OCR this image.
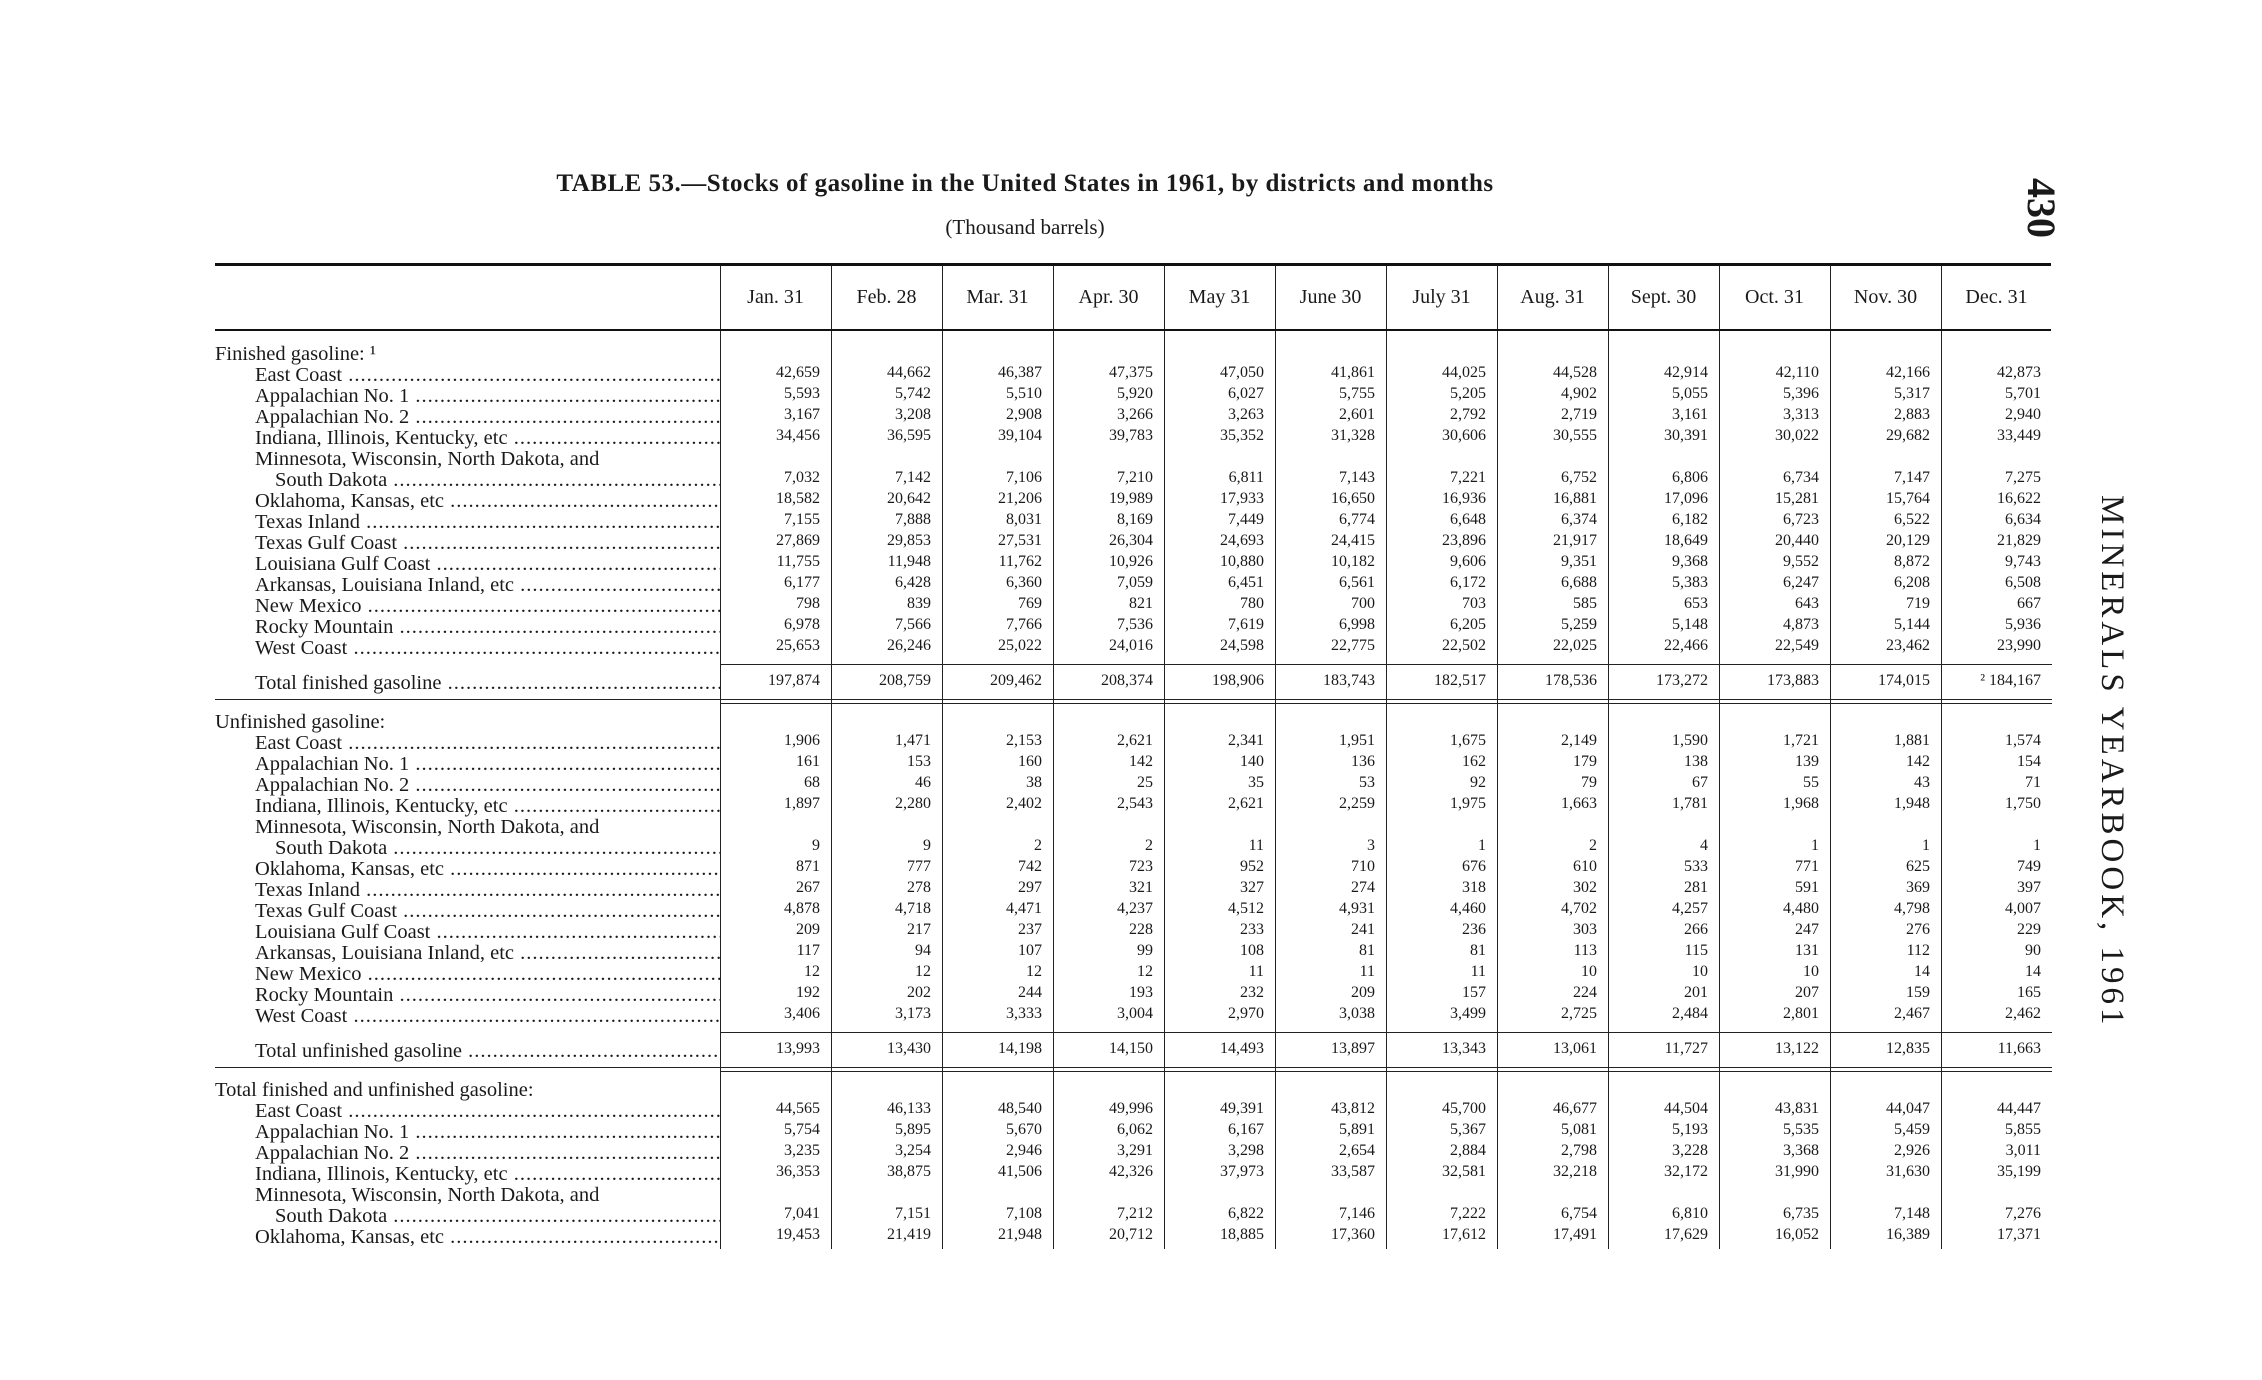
TABLE 53.—Stocks of gasoline in the United States in 1961, by districts and months
(Thousand barrels)	430
MINERALS YEARBOOK, 1961
Jan. 31	Feb. 28	Mar. 31	Apr. 30	May 31	June 30	July 31	Aug. 31	Sept. 30	Oct. 31	Nov. 30	Dec. 31
Finished gasoline: ¹
East Coast .....	42,659	44,662	46,387	47,375	47,050	41,861	44,025	44,528	42,914	42,110	42,166	42,873
Appalachian No. 1 .....	5,593	5,742	5,510	5,920	6,027	5,755	5,205	4,902	5,055	5,396	5,317	5,701
Appalachian No. 2 .....	3,167	3,208	2,908	3,266	3,263	2,601	2,792	2,719	3,161	3,313	2,883	2,940
Indiana, Illinois, Kentucky, etc .....	34,456	36,595	39,104	39,783	35,352	31,328	30,606	30,555	30,391	30,022	29,682	33,449
Minnesota, Wisconsin, North Dakota, and
South Dakota .....	7,032	7,142	7,106	7,210	6,811	7,143	7,221	6,752	6,806	6,734	7,147	7,275
Oklahoma, Kansas, etc .....	18,582	20,642	21,206	19,989	17,933	16,650	16,936	16,881	17,096	15,281	15,764	16,622
Texas Inland .....	7,155	7,888	8,031	8,169	7,449	6,774	6,648	6,374	6,182	6,723	6,522	6,634
Texas Gulf Coast .....	27,869	29,853	27,531	26,304	24,693	24,415	23,896	21,917	18,649	20,440	20,129	21,829
Louisiana Gulf Coast .....	11,755	11,948	11,762	10,926	10,880	10,182	9,606	9,351	9,368	9,552	8,872	9,743
Arkansas, Louisiana Inland, etc .....	6,177	6,428	6,360	7,059	6,451	6,561	6,172	6,688	5,383	6,247	6,208	6,508
New Mexico .....	798	839	769	821	780	700	703	585	653	643	719	667
Rocky Mountain .....	6,978	7,566	7,766	7,536	7,619	6,998	6,205	5,259	5,148	4,873	5,144	5,936
West Coast .....	25,653	26,246	25,022	24,016	24,598	22,775	22,502	22,025	22,466	22,549	23,462	23,990
Total finished gasoline .....	197,874	208,759	209,462	208,374	198,906	183,743	182,517	178,536	173,272	173,883	174,015	² 184,167
Unfinished gasoline:
East Coast .....	1,906	1,471	2,153	2,621	2,341	1,951	1,675	2,149	1,590	1,721	1,881	1,574
Appalachian No. 1 .....	161	153	160	142	140	136	162	179	138	139	142	154
Appalachian No. 2 .....	68	46	38	25	35	53	92	79	67	55	43	71
Indiana, Illinois, Kentucky, etc .....	1,897	2,280	2,402	2,543	2,621	2,259	1,975	1,663	1,781	1,968	1,948	1,750
Minnesota, Wisconsin, North Dakota, and
South Dakota .....	9	9	2	2	11	3	1	2	4	1	1	1
Oklahoma, Kansas, etc .....	871	777	742	723	952	710	676	610	533	771	625	749
Texas Inland .....	267	278	297	321	327	274	318	302	281	591	369	397
Texas Gulf Coast .....	4,878	4,718	4,471	4,237	4,512	4,931	4,460	4,702	4,257	4,480	4,798	4,007
Louisiana Gulf Coast .....	209	217	237	228	233	241	236	303	266	247	276	229
Arkansas, Louisiana Inland, etc .....	117	94	107	99	108	81	81	113	115	131	112	90
New Mexico .....	12	12	12	12	11	11	11	10	10	10	14	14
Rocky Mountain .....	192	202	244	193	232	209	157	224	201	207	159	165
West Coast .....	3,406	3,173	3,333	3,004	2,970	3,038	3,499	2,725	2,484	2,801	2,467	2,462
Total unfinished gasoline .....	13,993	13,430	14,198	14,150	14,493	13,897	13,343	13,061	11,727	13,122	12,835	11,663
Total finished and unfinished gasoline:
East Coast .....	44,565	46,133	48,540	49,996	49,391	43,812	45,700	46,677	44,504	43,831	44,047	44,447
Appalachian No. 1 .....	5,754	5,895	5,670	6,062	6,167	5,891	5,367	5,081	5,193	5,535	5,459	5,855
Appalachian No. 2 .....	3,235	3,254	2,946	3,291	3,298	2,654	2,884	2,798	3,228	3,368	2,926	3,011
Indiana, Illinois, Kentucky, etc .....	36,353	38,875	41,506	42,326	37,973	33,587	32,581	32,218	32,172	31,990	31,630	35,199
Minnesota, Wisconsin, North Dakota, and
South Dakota .....	7,041	7,151	7,108	7,212	6,822	7,146	7,222	6,754	6,810	6,735	7,148	7,276
Oklahoma, Kansas, etc .....	19,453	21,419	21,948	20,712	18,885	17,360	17,612	17,491	17,629	16,052	16,389	17,371
